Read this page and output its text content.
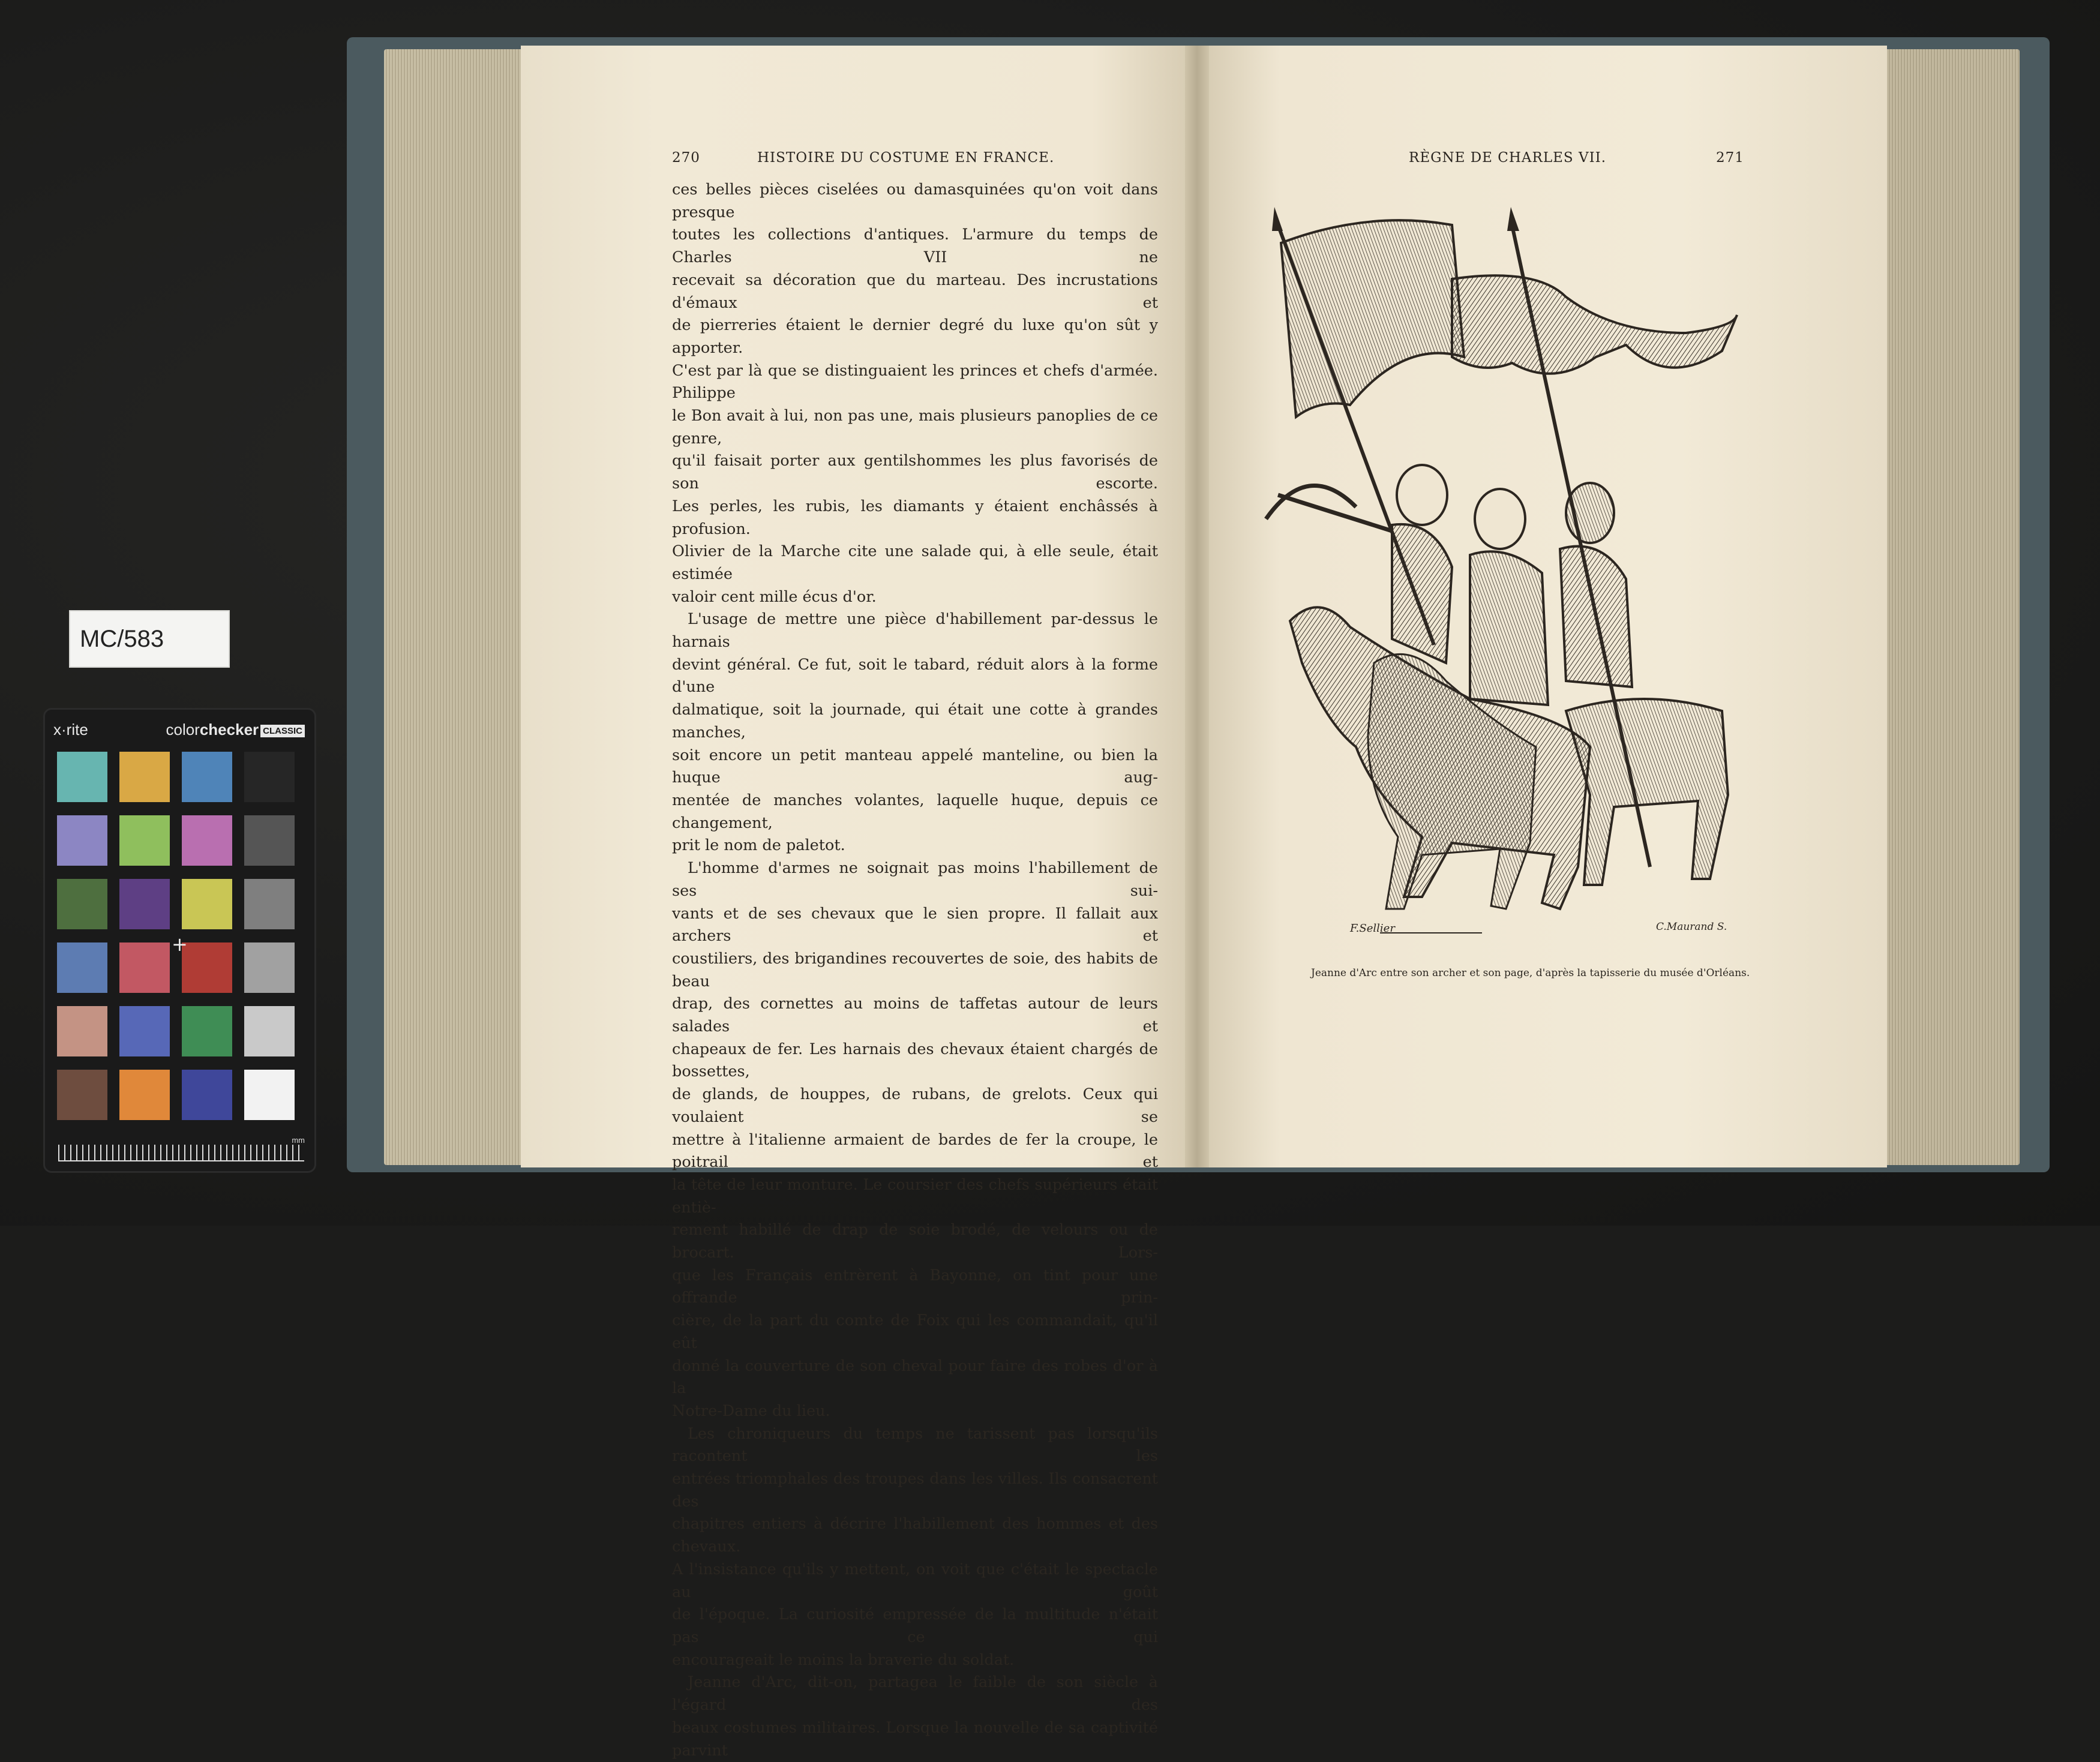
MC/583
x·rite	colorchecker CLASSIC
mm
+
270	HISTOIRE DU COSTUME EN FRANCE.
ces belles pièces ciselées ou damasquinées qu'on voit dans presque
toutes les collections d'antiques. L'armure du temps de Charles VII ne
recevait sa décoration que du marteau. Des incrustations d'émaux et
de pierreries étaient le dernier degré du luxe qu'on sût y apporter.
C'est par là que se distinguaient les princes et chefs d'armée. Philippe
le Bon avait à lui, non pas une, mais plusieurs panoplies de ce genre,
qu'il faisait porter aux gentilshommes les plus favorisés de son escorte.
Les perles, les rubis, les diamants y étaient enchâssés à profusion.
Olivier de la Marche cite une salade qui, à elle seule, était estimée
valoir cent mille écus d'or.
L'usage de mettre une pièce d'habillement par-dessus le harnais
devint général. Ce fut, soit le tabard, réduit alors à la forme d'une
dalmatique, soit la journade, qui était une cotte à grandes manches,
soit encore un petit manteau appelé manteline, ou bien la huque aug-
mentée de manches volantes, laquelle huque, depuis ce changement,
prit le nom de paletot.
L'homme d'armes ne soignait pas moins l'habillement de ses sui-
vants et de ses chevaux que le sien propre. Il fallait aux archers et
coustiliers, des brigandines recouvertes de soie, des habits de beau
drap, des cornettes au moins de taffetas autour de leurs salades et
chapeaux de fer. Les harnais des chevaux étaient chargés de bossettes,
de glands, de houppes, de rubans, de grelots. Ceux qui voulaient se
mettre à l'italienne armaient de bardes de fer la croupe, le poitrail et
la tête de leur monture. Le coursier des chefs supérieurs était entiè-
rement habillé de drap de soie brodé, de velours ou de brocart. Lors-
que les Français entrèrent à Bayonne, on tint pour une offrande prin-
cière, de la part du comte de Foix qui les commandait, qu'il eût
donné la couverture de son cheval pour faire des robes d'or à la
Notre-Dame du lieu.
Les chroniqueurs du temps ne tarissent pas lorsqu'ils racontent les
entrées triomphales des troupes dans les villes. Ils consacrent des
chapitres entiers à décrire l'habillement des hommes et des chevaux.
A l'insistance qu'ils y mettent, on voit que c'était le spectacle au goût
de l'époque. La curiosité empressée de la multitude n'était pas ce qui
encourageait le moins la braverie du soldat.
Jeanne d'Arc, dit-on, partagea le faible de son siècle à l'égard des
beaux costumes militaires. Lorsque la nouvelle de sa captivité parvint
RÈGNE DE CHARLES VII.	271
F.Sellier	C.Maurand S.
Jeanne d'Arc entre son archer et son page, d'après la tapisserie du musée d'Orléans.
